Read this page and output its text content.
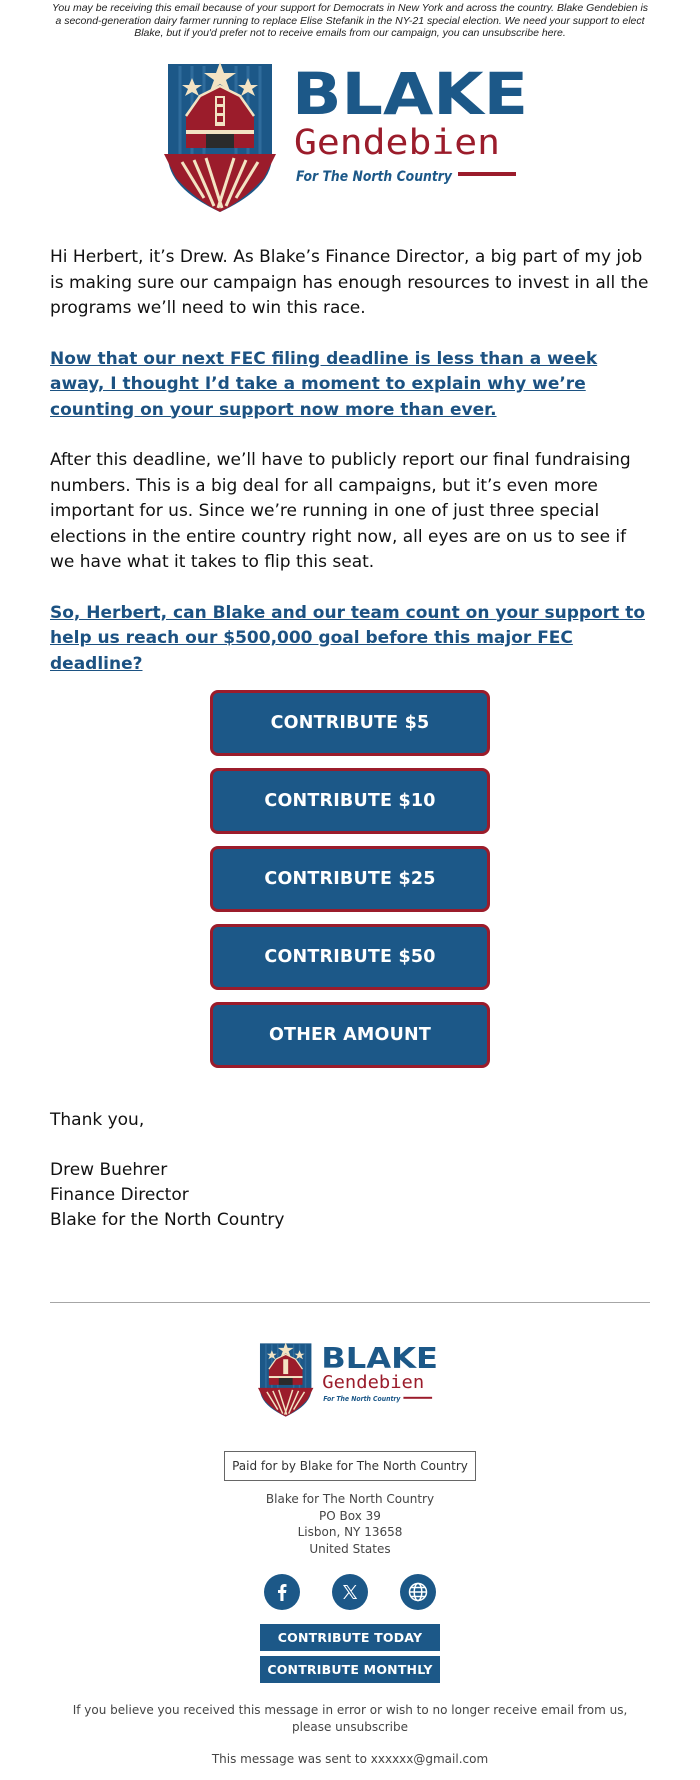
You may be receiving this email because of your support for Democrats in New York and across the country. Blake Gendebien is a second-generation dairy farmer running to replace Elise Stefanik in the NY-21 special election. We need your support to elect Blake, but if you'd prefer not to receive emails from our campaign, you can unsubscribe here.
BLAKE
Gendebien
For The North Country

Hi Herbert, it’s Drew. As Blake’s Finance Director, a big part of my job is making sure our campaign has enough resources to invest in all the programs we’ll need to win this race.

Now that our next FEC filing deadline is less than a week away, I thought I’d take a moment to explain why we’re counting on your support now more than ever.

After this deadline, we’ll have to publicly report our final fundraising numbers. This is a big deal for all campaigns, but it’s even more important for us. Since we’re running in one of just three special elections in the entire country right now, all eyes are on us to see if we have what it takes to flip this seat.

So, Herbert, can Blake and our team count on your support to help us reach our $500,000 goal before this major FEC deadline?
CONTRIBUTE $5
CONTRIBUTE $10
CONTRIBUTE $25
CONTRIBUTE $50
OTHER AMOUNT
Thank you,
Drew Buehrer
Finance Director
Blake for the North Country
BLAKE
Gendebien
For The North Country
Paid for by Blake for The North Country
Blake for The North Country
PO Box 39
Lisbon, NY 13658
United States
CONTRIBUTE TODAY
CONTRIBUTE MONTHLY
If you believe you received this message in error or wish to no longer receive email from us, please unsubscribe
This message was sent to xxxxxx@gmail.com
